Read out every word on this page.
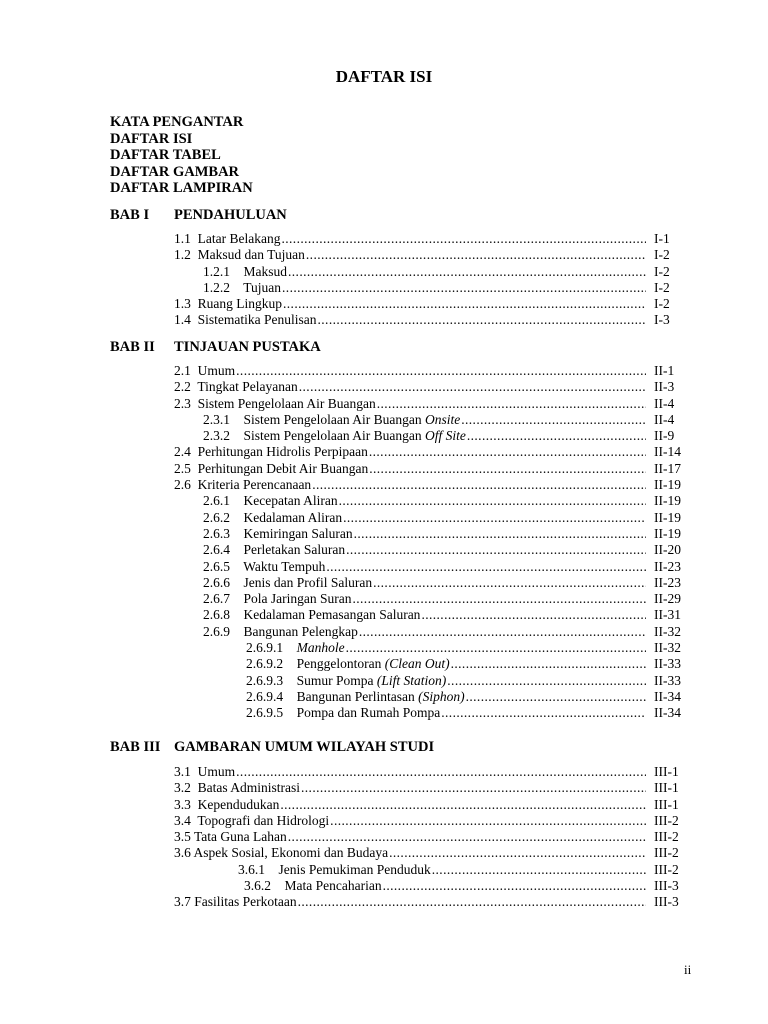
DAFTAR ISI
KATA PENGANTAR
DAFTAR ISI
DAFTAR TABEL
DAFTAR GAMBAR
DAFTAR LAMPIRAN
BAB I PENDAHULUAN
1.1  Latar Belakang .....	I-1
1.2  Maksud dan Tujuan .....	I-2
1.2.1    Maksud .....	I-2
1.2.2    Tujuan .....	I-2
1.3  Ruang Lingkup .....	I-2
1.4  Sistematika Penulisan .....	I-3
BAB II TINJAUAN PUSTAKA
2.1  Umum .....	II-1
2.2  Tingkat Pelayanan .....	II-3
2.3  Sistem Pengelolaan Air Buangan .....	II-4
2.3.1    Sistem Pengelolaan Air Buangan Onsite .....	II-4
2.3.2    Sistem Pengelolaan Air Buangan Off Site .....	II-9
2.4  Perhitungan Hidrolis Perpipaan .....	II-14
2.5  Perhitungan Debit Air Buangan .....	II-17
2.6  Kriteria Perencanaan .....	II-19
2.6.1    Kecepatan Aliran .....	II-19
2.6.2    Kedalaman Aliran .....	II-19
2.6.3    Kemiringan Saluran .....	II-19
2.6.4    Perletakan Saluran .....	II-20
2.6.5    Waktu Tempuh .....	II-23
2.6.6    Jenis dan Profil Saluran .....	II-23
2.6.7    Pola Jaringan Suran .....	II-29
2.6.8    Kedalaman Pemasangan Saluran .....	II-31
2.6.9    Bangunan Pelengkap .....	II-32
2.6.9.1    Manhole .....	II-32
2.6.9.2    Penggelontoran (Clean Out) .....	II-33
2.6.9.3    Sumur Pompa (Lift Station) .....	II-33
2.6.9.4    Bangunan Perlintasan (Siphon) .....	II-34
2.6.9.5    Pompa dan Rumah Pompa .....	II-34
BAB III GAMBARAN UMUM WILAYAH STUDI
3.1  Umum .....	III-1
3.2  Batas Administrasi .....	III-1
3.3  Kependudukan .....	III-1
3.4  Topografi dan Hidrologi .....	III-2
3.5 Tata Guna Lahan .....	III-2
3.6 Aspek Sosial, Ekonomi dan Budaya .....	III-2
3.6.1    Jenis Pemukiman Penduduk .....	III-2
3.6.2    Mata Pencaharian .....	III-3
3.7 Fasilitas Perkotaan .....	III-3
ii
